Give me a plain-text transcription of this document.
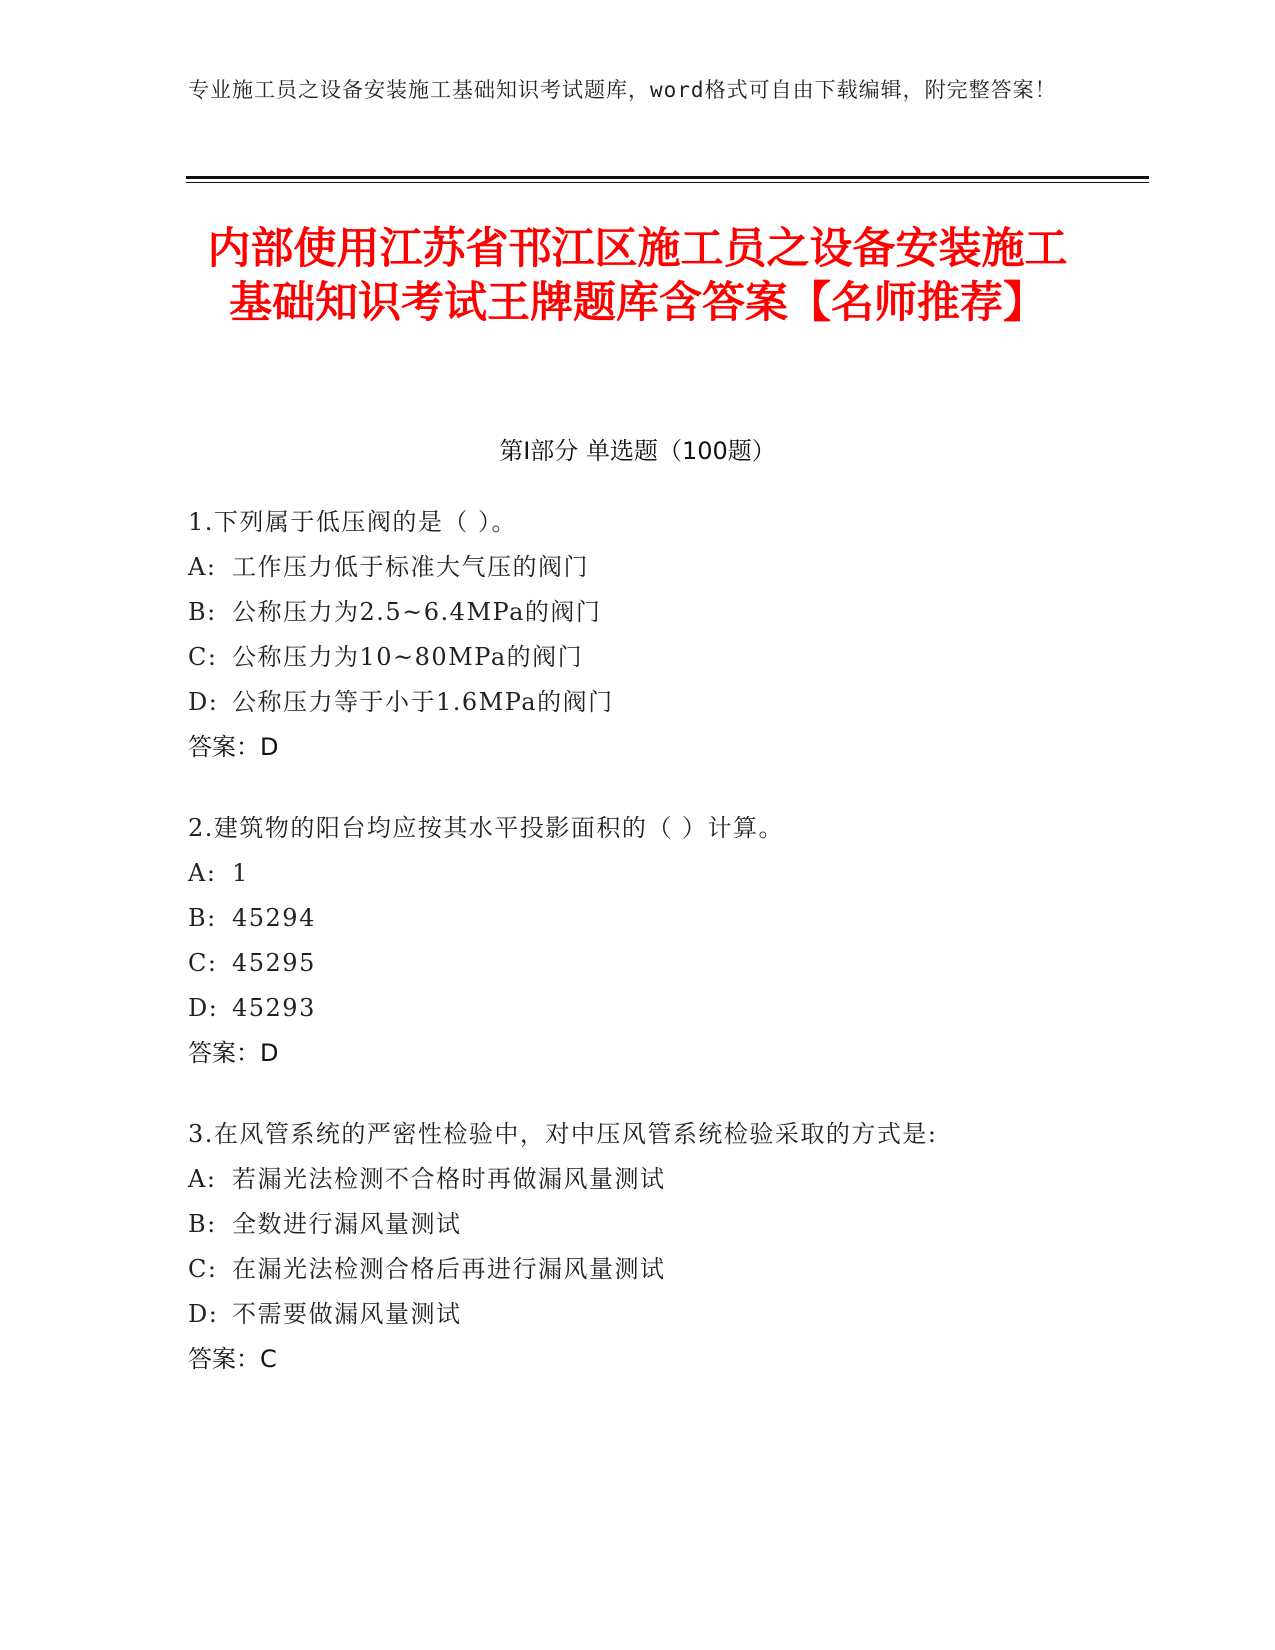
专业施工员之设备安装施工基础知识考试题库，word格式可自由下载编辑，附完整答案！
内部使用江苏省邗江区施工员之设备安装施工基础知识考试王牌题库含答案【名师推荐】
第I部分 单选题（100题）
1.下列属于低压阀的是（ ）。
A: 工作压力低于标准大气压的阀门
B: 公称压力为2.5~6.4MPa的阀门
C: 公称压力为10~80MPa的阀门
D: 公称压力等于小于1.6MPa的阀门
答案：D
2.建筑物的阳台均应按其水平投影面积的（ ）计算。
A: 1
B: 45294
C: 45295
D: 45293
答案：D
3.在风管系统的严密性检验中，对中压风管系统检验采取的方式是:
A: 若漏光法检测不合格时再做漏风量测试
B: 全数进行漏风量测试
C: 在漏光法检测合格后再进行漏风量测试
D: 不需要做漏风量测试
答案：C
